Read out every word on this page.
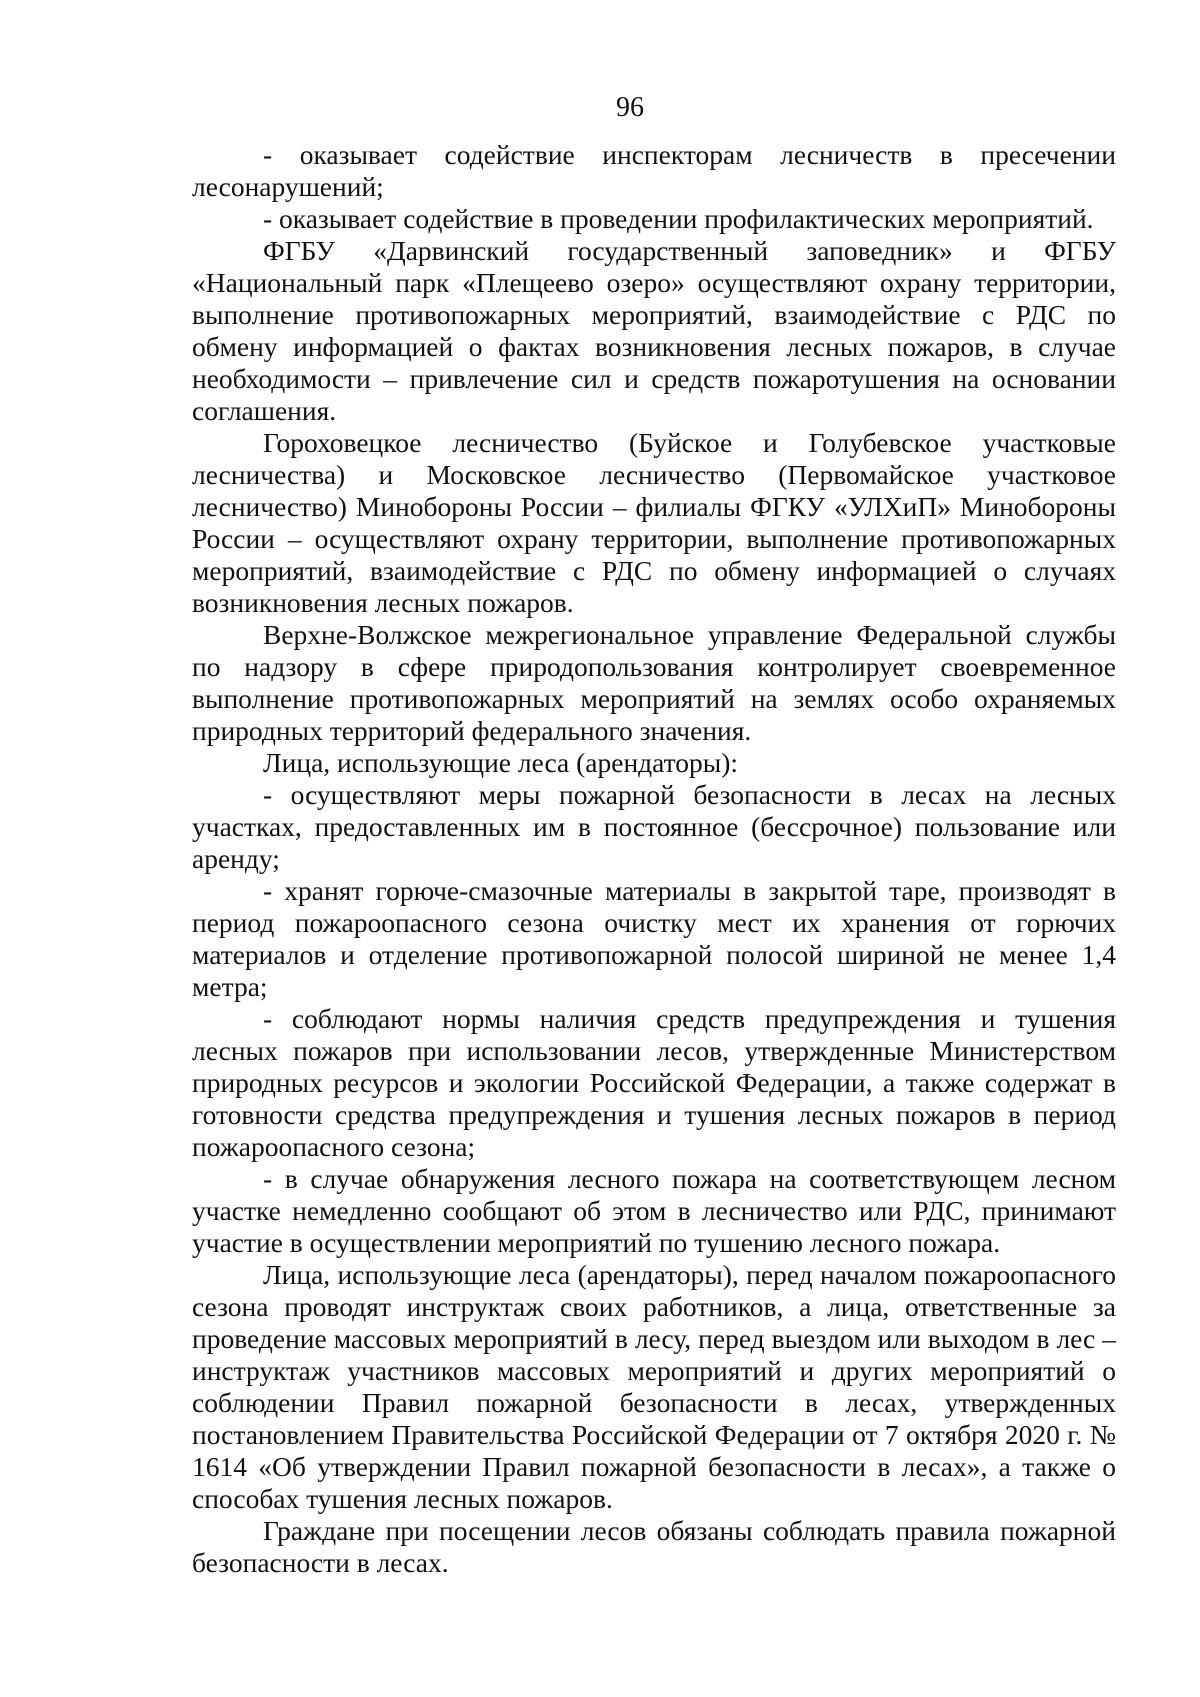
96

- оказывает содействие инспекторам лесничеств в пресечении лесонарушений;

- оказывает содействие в проведении профилактических мероприятий.

ФГБУ «Дарвинский государственный заповедник» и ФГБУ «Национальный парк «Плещеево озеро» осуществляют охрану территории, выполнение противопожарных мероприятий, взаимодействие с РДС по обмену информацией о фактах возникновения лесных пожаров, в случае необходимости – привлечение сил и средств пожаротушения на основании соглашения.

Гороховецкое лесничество (Буйское и Голубевское участковые лесничества) и Московское лесничество (Первомайское участковое лесничество) Минобороны России – филиалы ФГКУ «УЛХиП» Минобороны России – осуществляют охрану территории, выполнение противопожарных мероприятий, взаимодействие с РДС по обмену информацией о случаях возникновения лесных пожаров.

Верхне-Волжское межрегиональное управление Федеральной службы по надзору в сфере природопользования контролирует своевременное выполнение противопожарных мероприятий на землях особо охраняемых природных территорий федерального значения.

Лица, использующие леса (арендаторы):

- осуществляют меры пожарной безопасности в лесах на лесных участках, предоставленных им в постоянное (бессрочное) пользование или аренду;

- хранят горюче-смазочные материалы в закрытой таре, производят в период пожароопасного сезона очистку мест их хранения от горючих материалов и отделение противопожарной полосой шириной не менее 1,4 метра;

- соблюдают нормы наличия средств предупреждения и тушения лесных пожаров при использовании лесов, утвержденные Министерством природных ресурсов и экологии Российской Федерации, а также содержат в готовности средства предупреждения и тушения лесных пожаров в период пожароопасного сезона;

- в случае обнаружения лесного пожара на соответствующем лесном участке немедленно сообщают об этом в лесничество или РДС, принимают участие в осуществлении мероприятий по тушению лесного пожара.

Лица, использующие леса (арендаторы), перед началом пожароопасного сезона проводят инструктаж своих работников, а лица, ответственные за проведение массовых мероприятий в лесу, перед выездом или выходом в лес – инструктаж участников массовых мероприятий и других мероприятий о соблюдении Правил пожарной безопасности в лесах, утвержденных постановлением Правительства Российской Федерации от 7 октября 2020 г. № 1614 «Об утверждении Правил пожарной безопасности в лесах», а также о способах тушения лесных пожаров.

Граждане при посещении лесов обязаны соблюдать правила пожарной безопасности в лесах.
